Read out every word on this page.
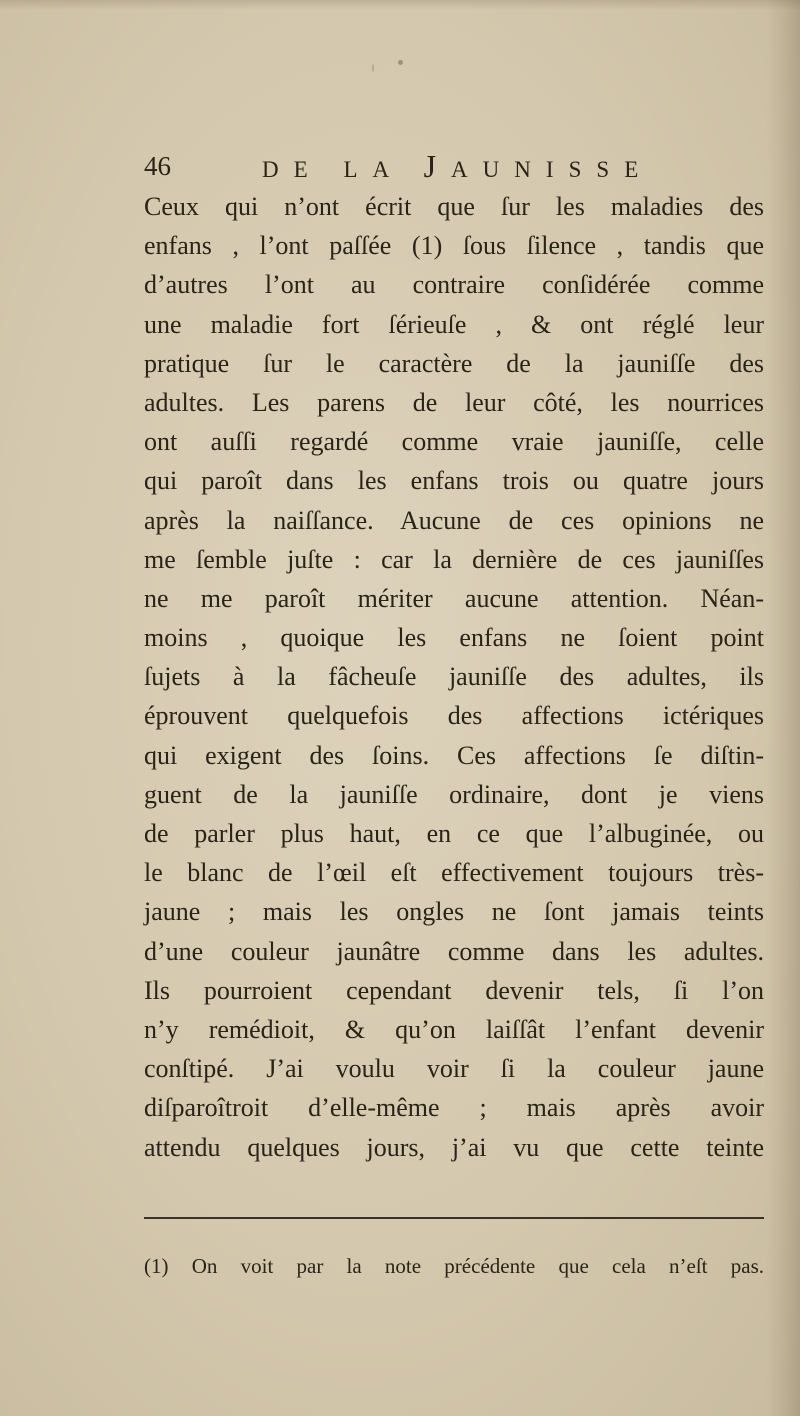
46	DE LA JAUNISSE
Ceux qui n’ont écrit que ſur les maladies des
enfans , l’ont paſſée (1) ſous ſilence , tandis que
d’autres l’ont au contraire conſidérée comme
une maladie fort ſérieuſe , & ont réglé leur
pratique ſur le caractère de la jauniſſe des
adultes. Les parens de leur côté, les nourrices
ont auſſi regardé comme vraie jauniſſe, celle
qui paroît dans les enfans trois ou quatre jours
après la naiſſance. Aucune de ces opinions ne
me ſemble juſte : car la dernière de ces jauniſſes
ne me paroît mériter aucune attention. Néan-
moins , quoique les enfans ne ſoient point
ſujets à la fâcheuſe jauniſſe des adultes, ils
éprouvent quelquefois des affections ictériques
qui exigent des ſoins. Ces affections ſe diſtin-
guent de la jauniſſe ordinaire, dont je viens
de parler plus haut, en ce que l’albuginée, ou
le blanc de l’œil eſt effectivement toujours très-
jaune ; mais les ongles ne ſont jamais teints
d’une couleur jaunâtre comme dans les adultes.
Ils pourroient cependant devenir tels, ſi l’on
n’y remédioit, & qu’on laiſſât l’enfant devenir
conſtipé. J’ai voulu voir ſi la couleur jaune
diſparoîtroit d’elle-même ; mais après avoir
attendu quelques jours, j’ai vu que cette teinte
(1) On voit par la note précédente que cela n’eſt pas.
